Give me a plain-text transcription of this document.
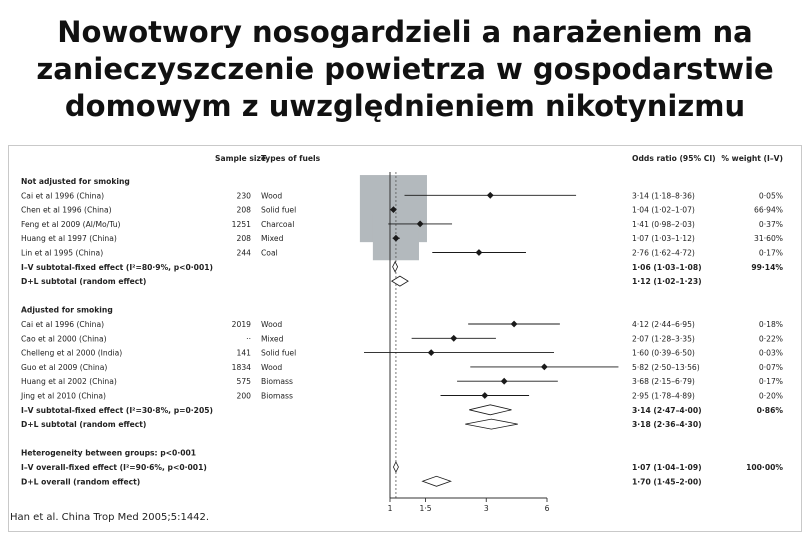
Nowotwory nosogardzieli a narażeniem na
zanieczyszczenie powietrza w gospodarstwie
domowym z uwzględnieniem nikotynizmu
Sample size
Types of fuels	Odds ratio (95% CI) % weight (I–V)
Not adjusted for smoking
Cai et al 1996 (China)	230 Wood	3·14 (1·18–8·36)	0·05%
Chen et al 1996 (China)	208 Solid fuel	1·04 (1·02–1·07)	66·94%
Feng et al 2009 (Al/Mo/Tu)	1251 Charcoal	1·41 (0·98–2·03)	0·37%
Huang et al 1997 (China)	208 Mixed	1·07 (1·03–1·12)	31·60%
Lin et al 1995 (China)	244 Coal	2·76 (1·62–4·72)	0·17%
I–V subtotal-fixed effect (I²=80·9%, p<0·001)	1·06 (1·03–1·08)	99·14%
D+L subtotal (random effect)	1·12 (1·02–1·23)
Adjusted for smoking
Cai et al 1996 (China)	2019 Wood	4·12 (2·44–6·95)	0·18%
Cao et al 2000 (China)	·· Mixed	2·07 (1·28–3·35)	0·22%
Chelleng et al 2000 (India)	141 Solid fuel	1·60 (0·39–6·50)	0·03%
Guo et al 2009 (China)	1834 Wood	5·82 (2·50–13·56)	0·07%
Huang et al 2002 (China)	575 Biomass	3·68 (2·15–6·79)	0·17%
Jing et al 2010 (China)	200 Biomass	2·95 (1·78–4·89)	0·20%
I–V subtotal-fixed effect (I²=30·8%, p=0·205)	3·14 (2·47–4·00)	0·86%
D+L subtotal (random effect)	3·18 (2·36–4·30)
Heterogeneity between groups: p<0·001
I–V overall-fixed effect (I²=90·6%, p<0·001)	1·07 (1·04–1·09)	100·00%
D+L overall (random effect)	1·70 (1·45–2·00)
1	1·5	3	6
Han et al. China Trop Med 2005;5:1442.
